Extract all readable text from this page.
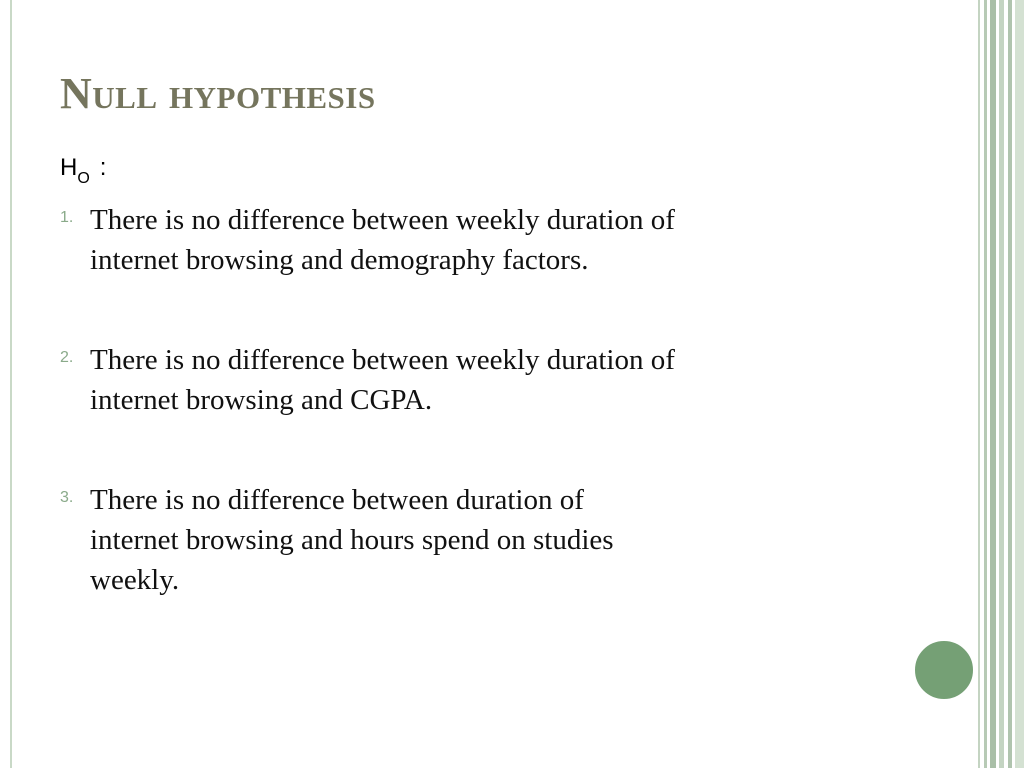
Null hypothesis
$H_O$ :
1. There is no difference between weekly duration of
internet browsing and demography factors.
2. There is no difference between weekly duration of
internet browsing and CGPA.
3. There is no difference between duration of
internet browsing and hours spend on studies
weekly.
